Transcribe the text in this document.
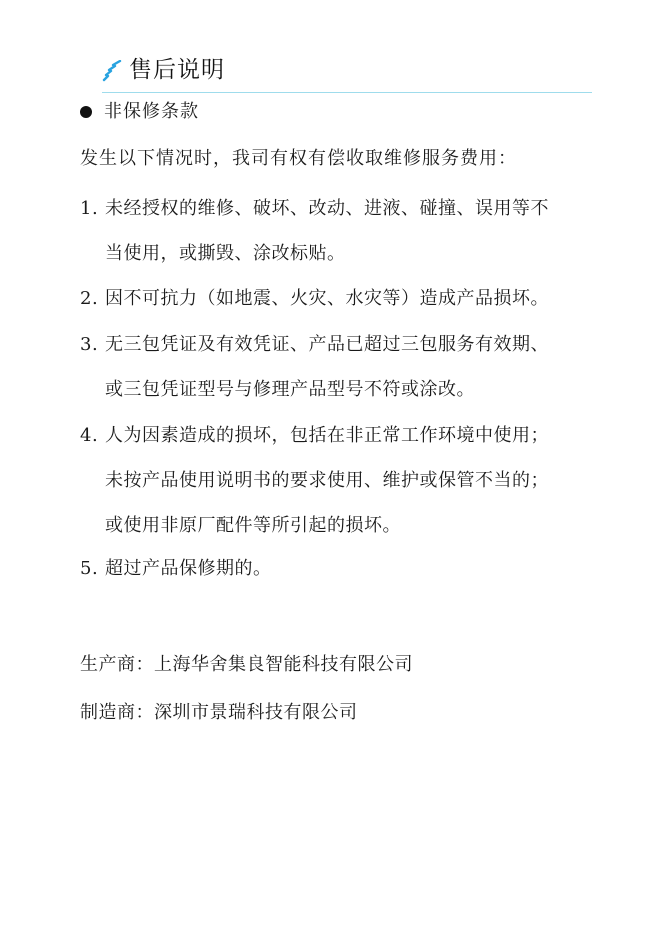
售后说明
非保修条款
发生以下情况时，我司有权有偿收取维修服务费用：
1. 未经授权的维修、破坏、改动、进液、碰撞、误用等不
当使用，或撕毁、涂改标贴。
2. 因不可抗力（如地震、火灾、水灾等）造成产品损坏。
3. 无三包凭证及有效凭证、产品已超过三包服务有效期、
或三包凭证型号与修理产品型号不符或涂改。
4. 人为因素造成的损坏，包括在非正常工作环境中使用；
未按产品使用说明书的要求使用、维护或保管不当的；
或使用非原厂配件等所引起的损坏。
5. 超过产品保修期的。
生产商：上海华舍集良智能科技有限公司
制造商：深圳市景瑞科技有限公司
